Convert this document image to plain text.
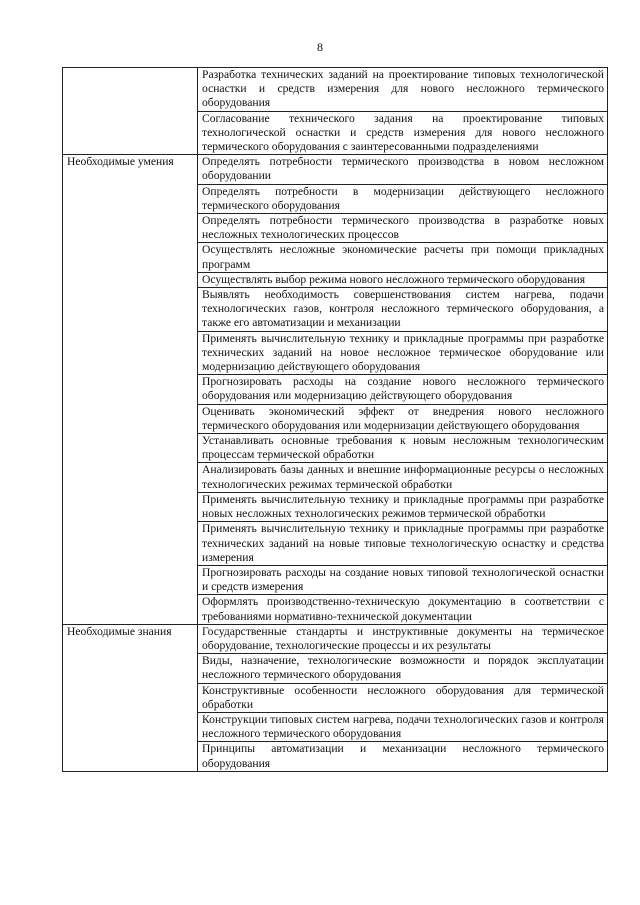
8
	Разработка технических заданий на проектирование типовых технологической оснастки и средств измерения для нового несложного термического оборудования
	Согласование технического задания на проектирование типовых технологической оснастки и средств измерения для нового несложного термического оборудования с заинтересованными подразделениями
Необходимые умения	Определять потребности термического производства в новом несложном оборудовании
	Определять потребности в модернизации действующего несложного термического оборудования
	Определять потребности термического производства в разработке новых несложных технологических процессов
	Осуществлять несложные экономические расчеты при помощи прикладных программ
	Осуществлять выбор режима нового несложного термического оборудования
	Выявлять необходимость совершенствования систем нагрева, подачи технологических газов, контроля несложного термического оборудования, а также его автоматизации и механизации
	Применять вычислительную технику и прикладные программы при разработке технических заданий на новое несложное термическое оборудование или модернизацию действующего оборудования
	Прогнозировать расходы на создание нового несложного термического оборудования или модернизацию действующего оборудования
	Оценивать экономический эффект от внедрения нового несложного термического оборудования или модернизации действующего оборудования
	Устанавливать основные требования к новым несложным технологическим процессам термической обработки
	Анализировать базы данных и внешние информационные ресурсы о несложных технологических режимах термической обработки
	Применять вычислительную технику и прикладные программы при разработке новых несложных технологических режимов термической обработки
	Применять вычислительную технику и прикладные программы при разработке технических заданий на новые типовые технологическую оснастку и средства измерения
	Прогнозировать расходы на создание новых типовой технологической оснастки и средств измерения
	Оформлять производственно-техническую документацию в соответствии с требованиями нормативно-технической документации
Необходимые знания	Государственные стандарты и инструктивные документы на термическое оборудование, технологические процессы и их результаты
	Виды, назначение, технологические возможности и порядок эксплуатации несложного термического оборудования
	Конструктивные особенности несложного оборудования для термической обработки
	Конструкции типовых систем нагрева, подачи технологических газов и контроля несложного термического оборудования
	Принципы автоматизации и механизации несложного термического оборудования
